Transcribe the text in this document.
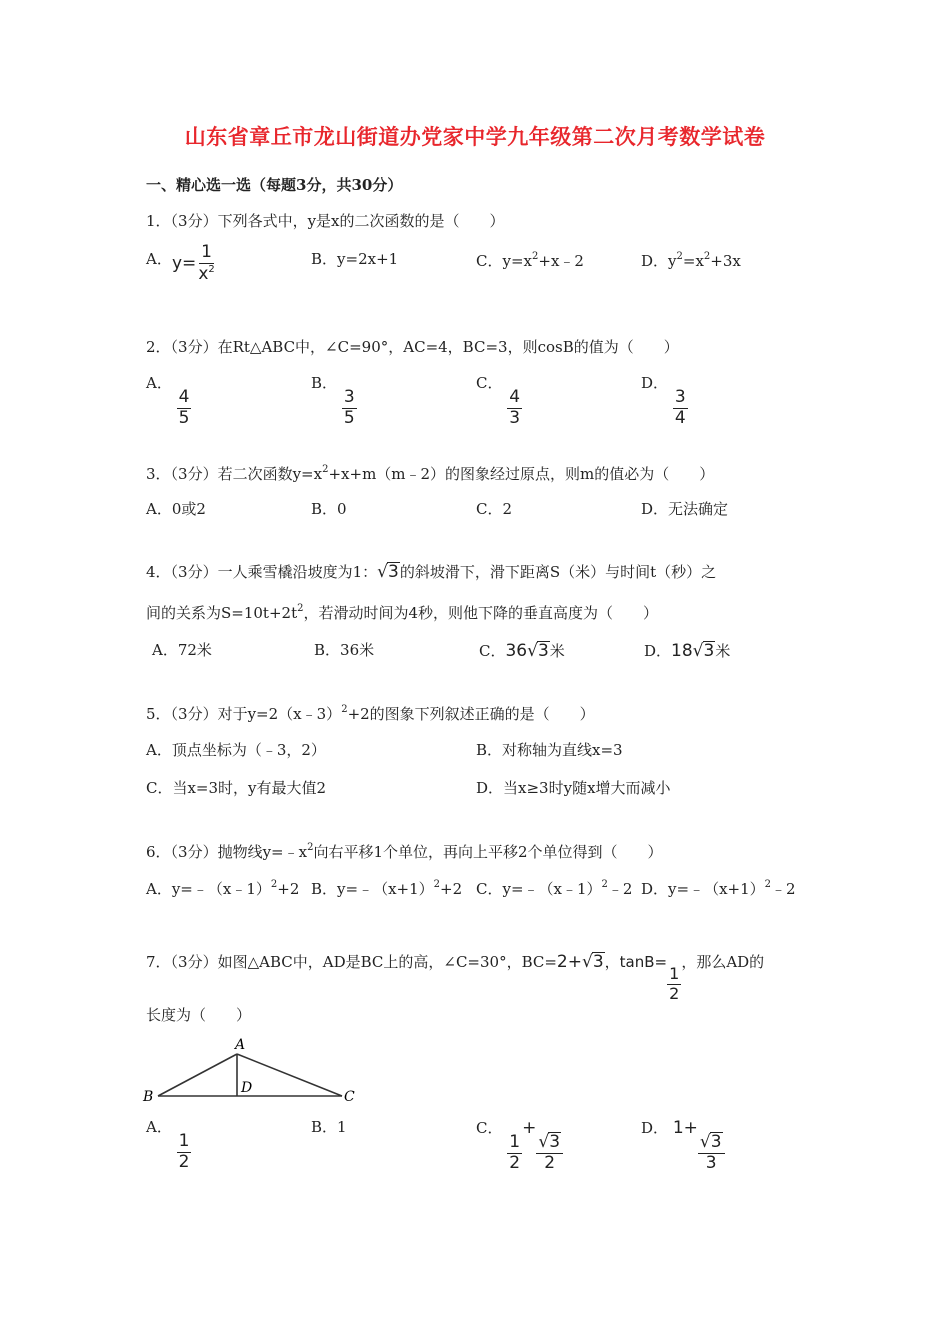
山东省章丘市龙山街道办党家中学九年级第二次月考数学试卷
一、精心选一选（每题3分，共30分）
1．（3分）下列各式中，y是x的二次函数的是（　　）
A． $y= \frac{1}{x^2}$	B．y=2x+1	C．$y=x^2+x﹣2$	D．$y^2=x^2+3x$
2．（3分）在Rt△ABC中，∠C=90°，AC=4，BC=3，则cosB的值为（　　）
A．
$\frac{4}{5}$
B．
$\frac{3}{5}$
C．
$\frac{4}{3}$
D．
$\frac{3}{4}$
3．（3分）若二次函数$y=x^2+x+m(m﹣2)$的图象经过原点，则m的值必为（　　）
A．0或2	B．0	C．2	D．无法确定
4．（3分）一人乘雪橇沿坡度为1：√3的斜坡滑下，滑下距离S（米）与时间t（秒）之
间的关系为$S=10t+2t^2$，若滑动时间为4秒，则他下降的垂直高度为（　　）
A．72米	B．36米	C．36√3米	D．18√3米
5．（3分）对于y=2（x﹣3）$^2$+2的图象下列叙述正确的是（　　）
A．顶点坐标为（﹣3，2）	B．对称轴为直线x=3
C．当x=3时，y有最大值2	D．当x≥3时y随x增大而减小
6．（3分）抛物线$y=﹣x^2$向右平移1个单位，再向上平移2个单位得到（　　）
A．y=﹣（x﹣1）$^2$+2 B．$y=﹣(x+1)^2+2$ C．y=﹣（x﹣1）$^2$﹣2 D．$y=﹣(x+1)^2﹣2$
7．（3分）如图△ABC中，AD是BC上的高，∠C=30°，BC=2+√3，tanB=
$\frac{1}{2}$
，那么AD的
长度为（　　）
A
B	C
D
A．
$\frac{1}{2}$
B．1	C．
$\frac{1}{2}$
+
$\frac{√3}{2}$
D． 1+
$\frac{√3}{3}$
